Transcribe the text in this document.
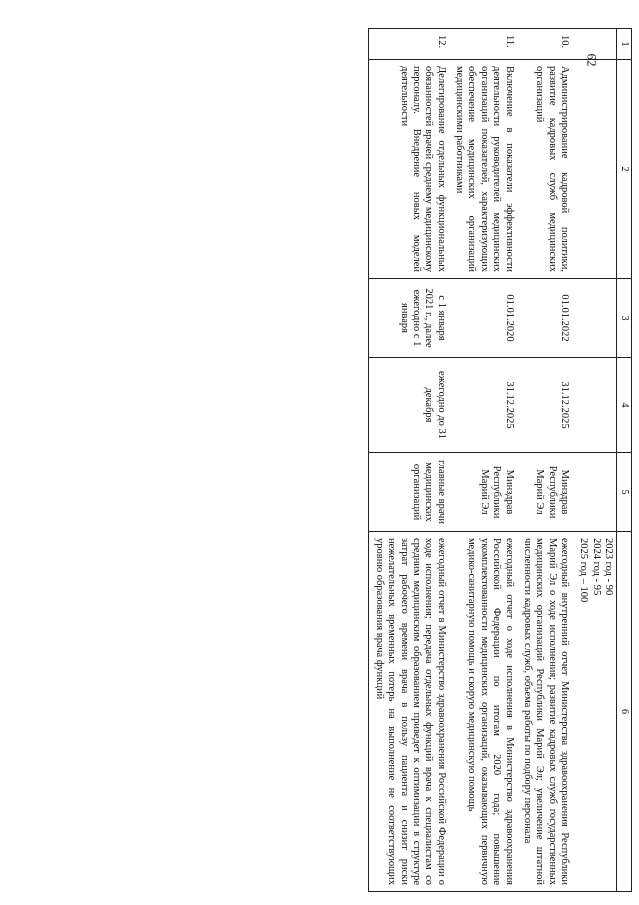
62
1	2	3	4	5	6

					2023 год - 90
2024 год - 95
2025 год – 100

10.	Администрирование кадровой политики, развитие кадровых служб медицинских организаций	01.01.2022	31.12.2025	Минздрав Республики Марий Эл	ежегодный внутренний отчет Министерства здравоохранения Республики Марий Эл о ходе исполнения; развитие кадровых служб государственных медицинских организаций Республики Марий Эл; увеличение штатной численности кадровых служб, объема работы по подбору персонала
11.	Включение в показатели эффективности деятельности руководителей медицинских организаций показателей, характеризующих обеспечение медицинских организаций медицинскими работниками	01.01.2020	31.12.2025	Минздрав Республики Марий Эл	ежегодный отчет о ходе исполнения в Министерство здравоохранения Российской Федерации по итогам 2020 года; повышение укомплектованности медицинских организаций, оказывающих первичную медико-санитарную помощь и скорую медицинскую помощь
12.	Делегирование отдельных функциональных обязанностей врачей среднему медицинскому персоналу. Внедрение новых моделей деятельности	с 1 января 2021 г., далее ежегодно с 1 января	ежегодно до 31 декабря	главные врачи медицинских организаций	ежегодный отчет в Министерство здравоохранения Российской Федерации о ходе исполнения; передача отдельных функций врача к специалистам со средним медицинским образованием приведет к оптимизации в структуре затрат рабочего времени врача в пользу пациента и снизит риски нежелательных временных потерь на выполнение не соответствующих уровню образования врача функций
